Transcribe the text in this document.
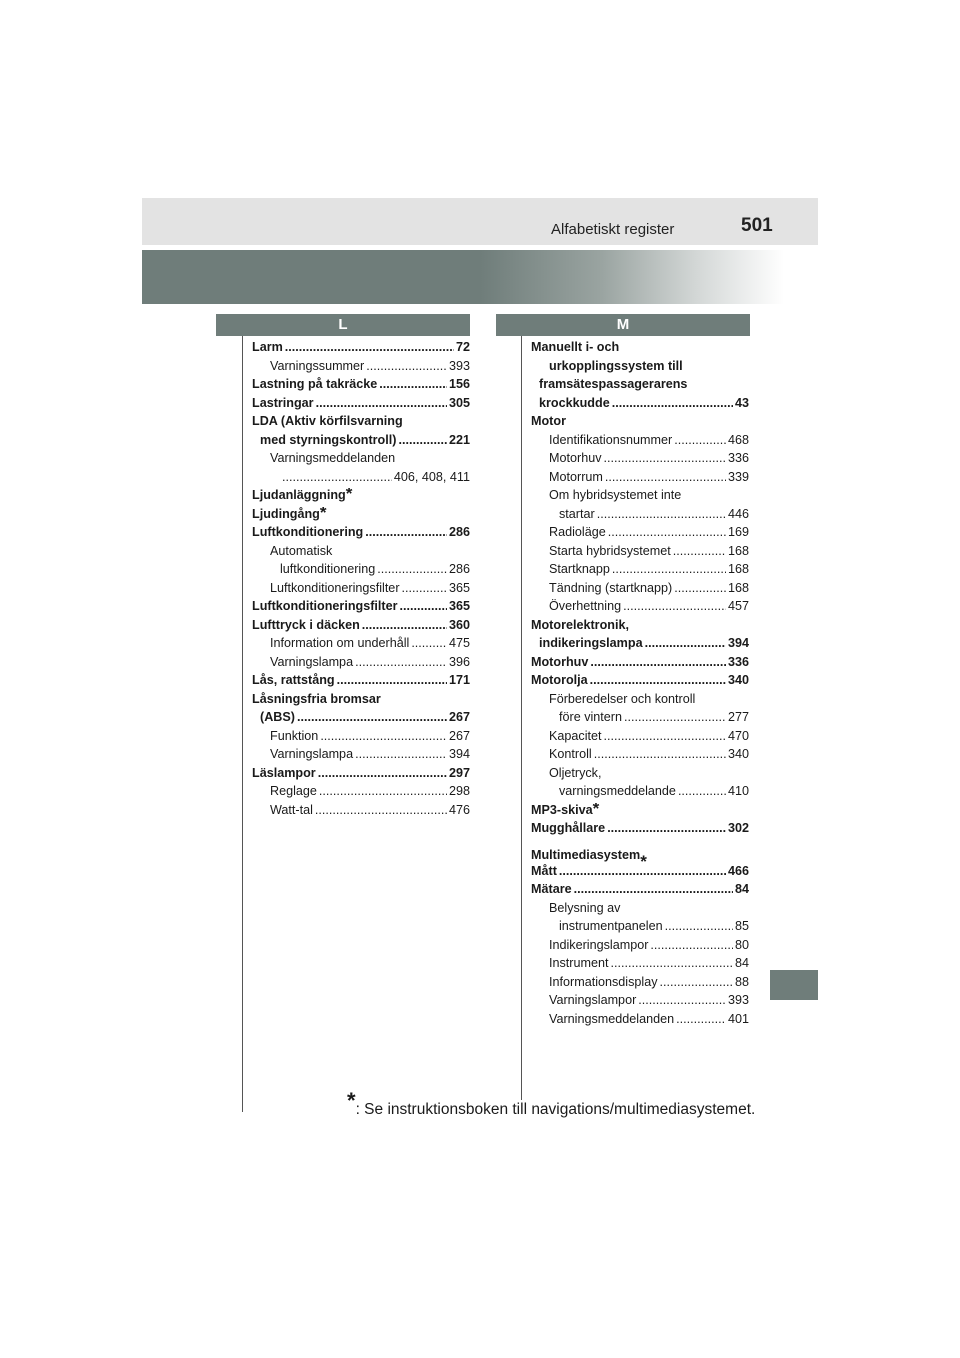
Alfabetiskt register	501
L	M
Larm .....	72
Varningssummer .....	393
Lastning på takräcke .....	156
Lastringar .....	305
LDA (Aktiv körfilsvarning
med styrningskontroll) .....	221
Varningsmeddelanden
.....
406, 408, 411
Ljudanläggning *
Ljudingång *
Luftkonditionering .....	286
Automatisk
luftkonditionering .....	286
Luftkonditioneringsfilter .....	365
Luftkonditioneringsfilter .....	365
Lufttryck i däcken .....	360
Information om underhåll .....	475
Varningslampa .....	396
Lås, rattstång .....	171
Låsningsfria bromsar
(ABS) .....	267
Funktion .....	267
Varningslampa .....	394
Läslampor .....	297
Reglage .....	298
Watt-tal .....	476
Manuellt i- och
urkopplingssystem till
framsätespassagerarens
krockkudde .....	43
Motor
Identifikationsnummer .....	468
Motorhuv .....	336
Motorrum .....	339
Om hybridsystemet inte
startar .....	446
Radioläge .....	169
Starta hybridsystemet .....	168
Startknapp .....	168
Tändning (startknapp) .....	168
Överhettning .....	457
Motorelektronik,
indikeringslampa .....	394
Motorhuv .....	336
Motorolja .....	340
Förberedelser och kontroll
före vintern .....	277
Kapacitet .....	470
Kontroll .....	340
Oljetryck,
varningsmeddelande .....	410
MP3-skiva *
Mugghållare .....	302
Multimediasystem *
Mått .....	466
Mätare .....	84
Belysning av
instrumentpanelen .....	85
Indikeringslampor .....	80
Instrument .....	84
Informationsdisplay .....	88
Varningslampor .....	393
Varningsmeddelanden .....	401
*: Se instruktionsboken till navigations/multimediasystemet.
